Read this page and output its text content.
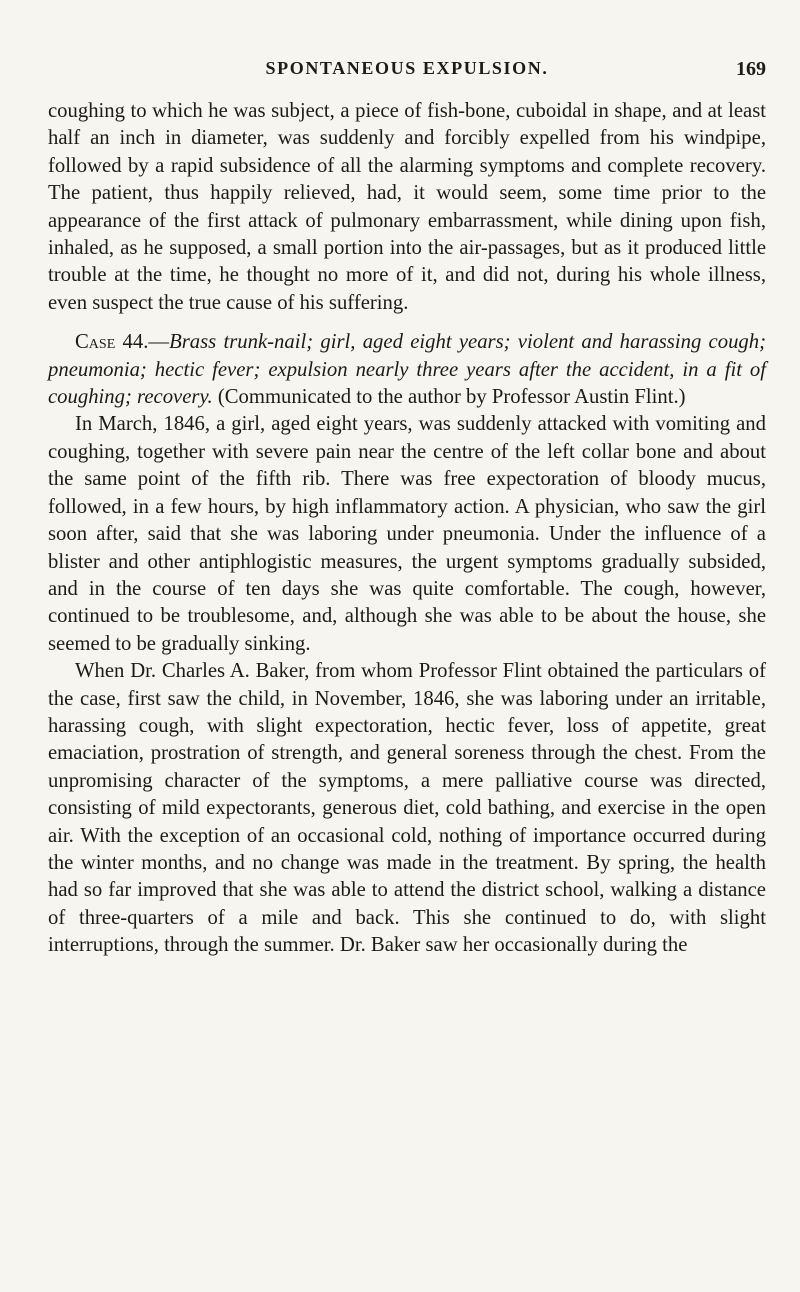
SPONTANEOUS EXPULSION.	169

coughing to which he was subject, a piece of fish-bone, cuboidal in shape, and at least half an inch in diameter, was suddenly and forcibly expelled from his windpipe, followed by a rapid subsidence of all the alarming symptoms and complete recovery. The patient, thus happily relieved, had, it would seem, some time prior to the appearance of the first attack of pulmonary embarrassment, while dining upon fish, inhaled, as he supposed, a small portion into the air-passages, but as it produced little trouble at the time, he thought no more of it, and did not, during his whole illness, even suspect the true cause of his suffering.

Case 44.—Brass trunk-nail; girl, aged eight years; violent and harassing cough; pneumonia; hectic fever; expulsion nearly three years after the accident, in a fit of coughing; recovery. (Communicated to the author by Professor Austin Flint.)

In March, 1846, a girl, aged eight years, was suddenly attacked with vomiting and coughing, together with severe pain near the centre of the left collar bone and about the same point of the fifth rib. There was free expectoration of bloody mucus, followed, in a few hours, by high inflammatory action. A physician, who saw the girl soon after, said that she was laboring under pneumonia. Under the influence of a blister and other antiphlogistic measures, the urgent symptoms gradually subsided, and in the course of ten days she was quite comfortable. The cough, however, continued to be troublesome, and, although she was able to be about the house, she seemed to be gradually sinking.

When Dr. Charles A. Baker, from whom Professor Flint obtained the particulars of the case, first saw the child, in November, 1846, she was laboring under an irritable, harassing cough, with slight expectoration, hectic fever, loss of appetite, great emaciation, prostration of strength, and general soreness through the chest. From the unpromising character of the symptoms, a mere palliative course was directed, consisting of mild expectorants, generous diet, cold bathing, and exercise in the open air. With the exception of an occasional cold, nothing of importance occurred during the winter months, and no change was made in the treatment. By spring, the health had so far improved that she was able to attend the district school, walking a distance of three-quarters of a mile and back. This she continued to do, with slight interruptions, through the summer. Dr. Baker saw her occasionally during the
